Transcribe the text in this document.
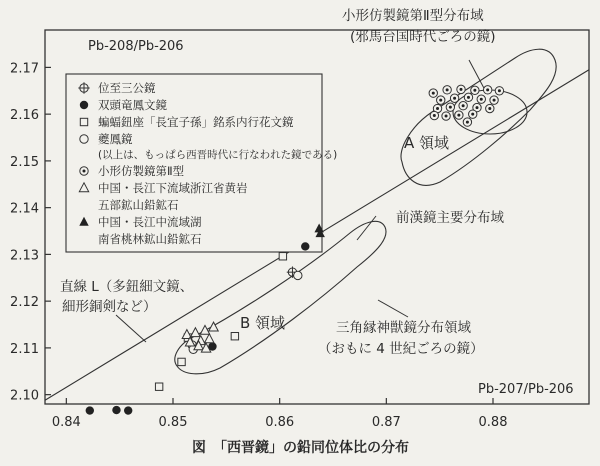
0.84	0.85	0.86	0.87	0.88
2.10
2.11
2.12
2.13
2.14
2.15
2.16
2.17
Pb-208/Pb-206
Pb-207/Pb-206
小形仿製鏡第Ⅱ型分布域
(邪馬台国時代ごろの鏡)
A 領域
前漢鏡主要分布域
B 領域	三角縁神獣鏡分布領域
（おもに 4 世紀ごろの鏡）
直線 L（多鈕細文鏡、
細形銅剣など）
位至三公鏡
双頭竜鳳文鏡
蝙蝠鈕座「長宜子孫」銘系内行花文鏡
夔鳳鏡
(以上は、もっぱら西晋時代に行なわれた鏡である)
小形仿製鏡第Ⅱ型
中国・長江下流域浙江省黄岩
五部鉱山鉛鉱石
中国・長江中流域湖
南省桃林鉱山鉛鉱石
図　「西晋鏡」の鉛同位体比の分布
